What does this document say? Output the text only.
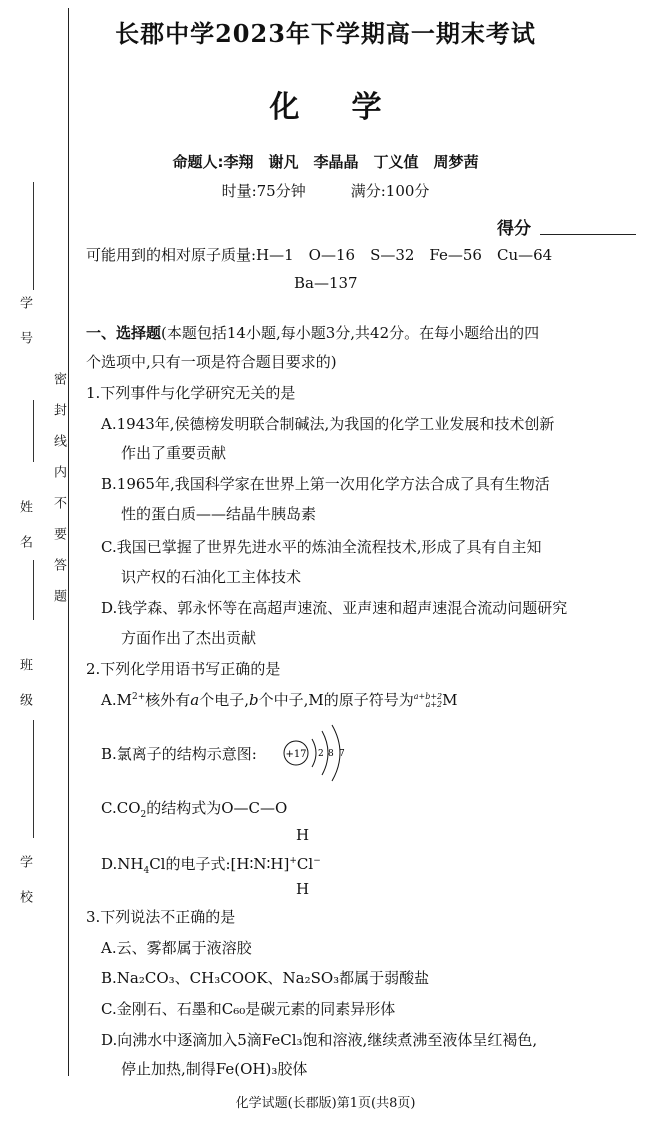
密封线内不要答题
学号
姓名
班级
学校
长郡中学2023年下学期高一期末考试
化 学
命题人:李翔　谢凡　李晶晶　丁义值　周梦茜
时量:75分钟　　　满分:100分
得分
可能用到的相对原子质量:H—1　O—16　S—32　Fe—56　Cu—64
Ba—137
一、选择题(本题包括14小题,每小题3分,共42分。在每小题给出的四
个选项中,只有一项是符合题目要求的)
1.下列事件与化学研究无关的是
A.1943年,侯德榜发明联合制碱法,为我国的化学工业发展和技术创新
作出了重要贡献
B.1965年,我国科学家在世界上第一次用化学方法合成了具有生物活
性的蛋白质——结晶牛胰岛素
C.我国已掌握了世界先进水平的炼油全流程技术,形成了具有自主知
识产权的石油化工主体技术
D.钱学森、郭永怀等在高超声速流、亚声速和超声速混合流动问题研究
方面作出了杰出贡献
2.下列化学用语书写正确的是
$A.M^{2+}$核外有a个电子,b个中子,M的原子符号为a+b+2
a+2M
B.氯离子的结构示意图:	+17 2 8 7
$C.CO_2$的结构式为O—C—O
H
$D.NH_4Cl$的电子式:[H∶N∶H]+Cl−
H
3.下列说法不正确的是
A.云、雾都属于液溶胶
B.Na₂CO₃、CH₃COOK、Na₂SO₃都属于弱酸盐
C.金刚石、石墨和C₆₀是碳元素的同素异形体
D.向沸水中逐滴加入5滴FeCl₃饱和溶液,继续煮沸至液体呈红褐色,
停止加热,制得Fe(OH)₃胶体
化学试题(长郡版)第1页(共8页)
